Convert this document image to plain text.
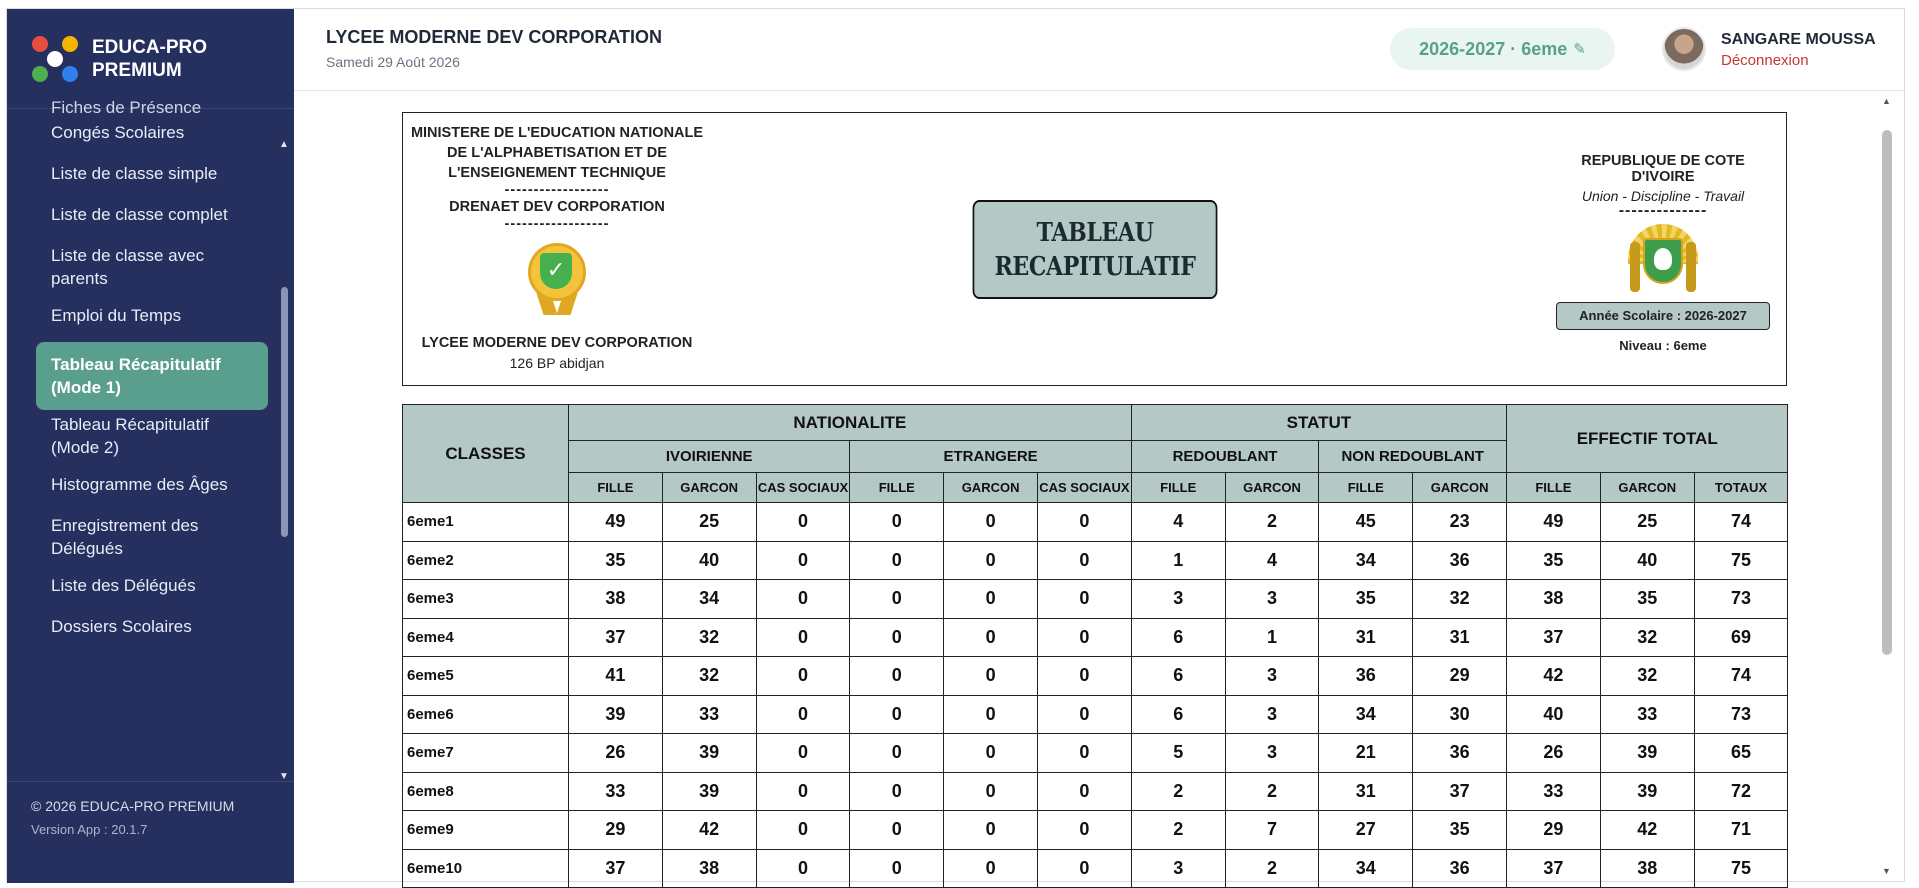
EDUCA-PRO
PREMIUM
Fiches de Présence
Congés Scolaires
Liste de classe simple
Liste de classe complet
Liste de classe avec parents
Emploi du Temps
Tableau Récapitulatif (Mode 1)
Tableau Récapitulatif (Mode 2)
Histogramme des Âges
Enregistrement des Délégués
Liste des Délégués
Dossiers Scolaires
▲
▼
© 2026 EDUCA-PRO PREMIUM
Version App : 20.1.7
LYCEE MODERNE DEV CORPORATION
Samedi 29 Août 2026
2026-2027 · 6eme ✎
SANGARE MOUSSA
Déconnexion
▲
▼
MINISTERE DE L'EDUCATION NATIONALE
DE L'ALPHABETISATION ET DE
L'ENSEIGNEMENT TECHNIQUE
------------------
DRENAET DEV CORPORATION
------------------
✓
LYCEE MODERNE DEV CORPORATION
126 BP abidjan
TABLEAU
RECAPITULATIF
REPUBLIQUE DE COTE D'IVOIRE
Union - Discipline - Travail
--------------
Année Scolaire : 2026-2027
Niveau : 6eme
CLASSES	NATIONALITE						STATUT				EFFECTIF TOTAL		
	IVOIRIENNE			ETRANGERE			REDOUBLANT		NON REDOUBLANT				
	FILLE	GARCON	CAS SOCIAUX	FILLE	GARCON	CAS SOCIAUX	FILLE	GARCON	FILLE	GARCON	FILLE	GARCON	TOTAUX
6eme1	49	25	0	0	0	0	4	2	45	23	49	25	74
6eme2	35	40	0	0	0	0	1	4	34	36	35	40	75
6eme3	38	34	0	0	0	0	3	3	35	32	38	35	73
6eme4	37	32	0	0	0	0	6	1	31	31	37	32	69
6eme5	41	32	0	0	0	0	6	3	36	29	42	32	74
6eme6	39	33	0	0	0	0	6	3	34	30	40	33	73
6eme7	26	39	0	0	0	0	5	3	21	36	26	39	65
6eme8	33	39	0	0	0	0	2	2	31	37	33	39	72
6eme9	29	42	0	0	0	0	2	7	27	35	29	42	71
6eme10	37	38	0	0	0	0	3	2	34	36	37	38	75
